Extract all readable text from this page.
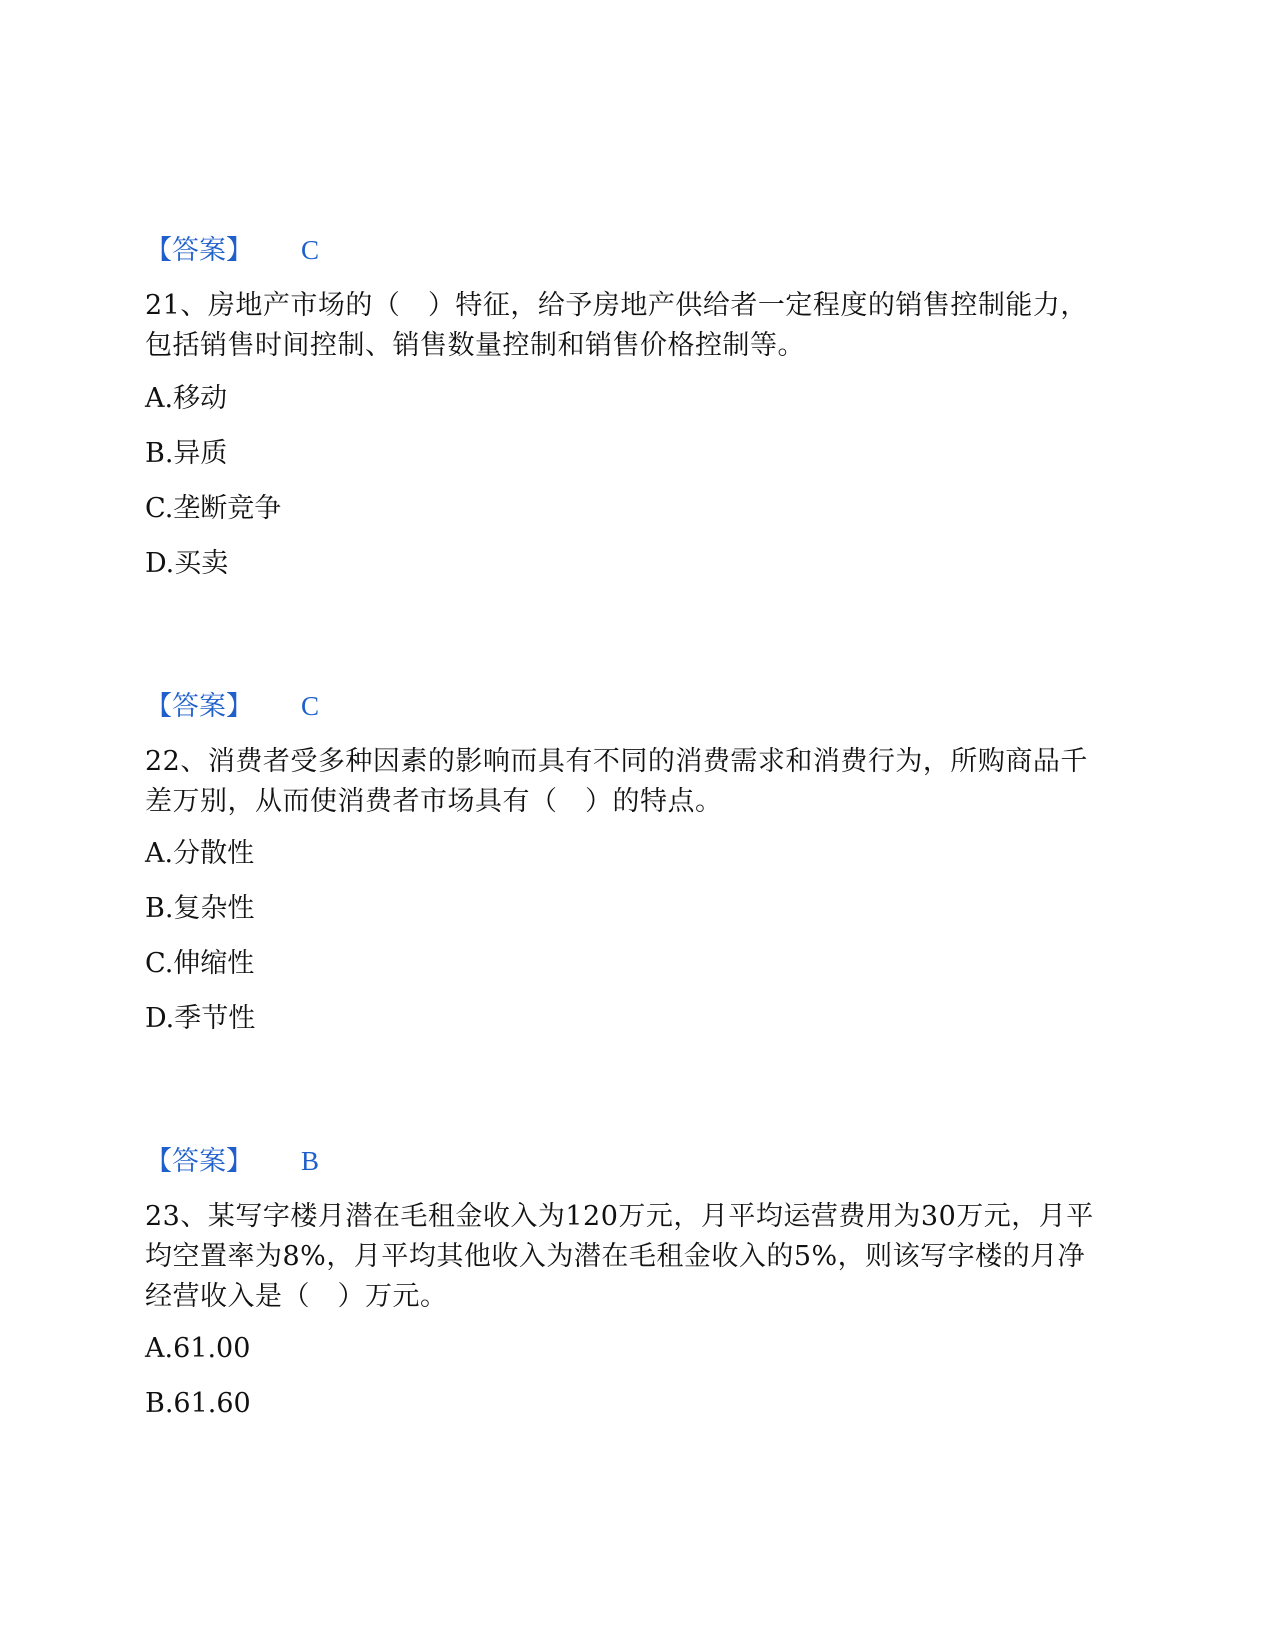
【答案】 C
21、房地产市场的（　）特征，给予房地产供给者一定程度的销售控制能力，包括销售时间控制、销售数量控制和销售价格控制等。
A.移动
B.异质
C.垄断竞争
D.买卖
【答案】 C
22、消费者受多种因素的影响而具有不同的消费需求和消费行为，所购商品千差万别，从而使消费者市场具有（　）的特点。
A.分散性
B.复杂性
C.伸缩性
D.季节性
【答案】 B
23、某写字楼月潜在毛租金收入为120万元，月平均运营费用为30万元，月平均空置率为8%，月平均其他收入为潜在毛租金收入的5%，则该写字楼的月净经营收入是（　）万元。
A.61.00
B.61.60
